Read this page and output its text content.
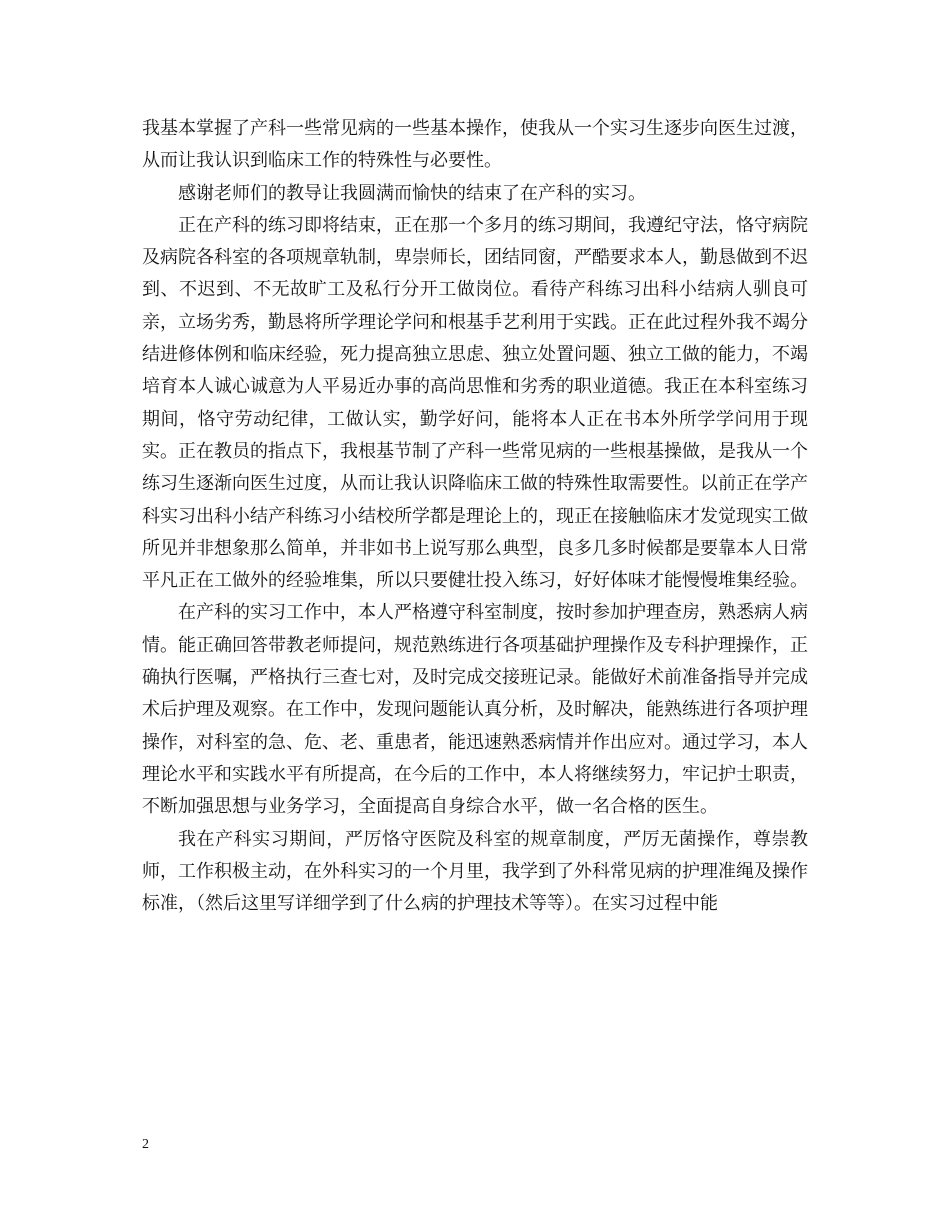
我基本掌握了产科一些常见病的一些基本操作，使我从一个实习生逐步向医生过渡，从而让我认识到临床工作的特殊性与必要性。

感谢老师们的教导让我圆满而愉快的结束了在产科的实习。

正在产科的练习即将结束，正在那一个多月的练习期间，我遵纪守法，恪守病院及病院各科室的各项规章轨制，卑崇师长，团结同窗，严酷要求本人，勤恳做到不迟到、不迟到、不无故旷工及私行分开工做岗位。看待产科练习出科小结病人驯良可亲，立场劣秀，勤恳将所学理论学问和根基手艺利用于实践。正在此过程外我不竭分结进修体例和临床经验，死力提高独立思虑、独立处置问题、独立工做的能力，不竭培育本人诚心诚意为人平易近办事的高尚思惟和劣秀的职业道德。我正在本科室练习期间，恪守劳动纪律，工做认实，勤学好问，能将本人正在书本外所学学问用于现实。正在教员的指点下，我根基节制了产科一些常见病的一些根基操做，是我从一个练习生逐渐向医生过度，从而让我认识降临床工做的特殊性取需要性。以前正在学产科实习出科小结产科练习小结校所学都是理论上的，现正在接触临床才发觉现实工做所见并非想象那么简单，并非如书上说写那么典型，良多几多时候都是要靠本人日常平凡正在工做外的经验堆集，所以只要健壮投入练习，好好体味才能慢慢堆集经验。

在产科的实习工作中，本人严格遵守科室制度，按时参加护理查房，熟悉病人病情。能正确回答带教老师提问，规范熟练进行各项基础护理操作及专科护理操作，正确执行医嘱，严格执行三查七对，及时完成交接班记录。能做好术前准备指导并完成术后护理及观察。在工作中，发现问题能认真分析，及时解决，能熟练进行各项护理操作，对科室的急、危、老、重患者，能迅速熟悉病情并作出应对。通过学习，本人理论水平和实践水平有所提高，在今后的工作中，本人将继续努力，牢记护士职责，不断加强思想与业务学习，全面提高自身综合水平，做一名合格的医生。

我在产科实习期间，严厉恪守医院及科室的规章制度，严厉无菌操作，尊崇教师，工作积极主动，在外科实习的一个月里，我学到了外科常见病的护理准绳及操作标准，（然后这里写详细学到了什么病的护理技术等等）。在实习过程中能

2
